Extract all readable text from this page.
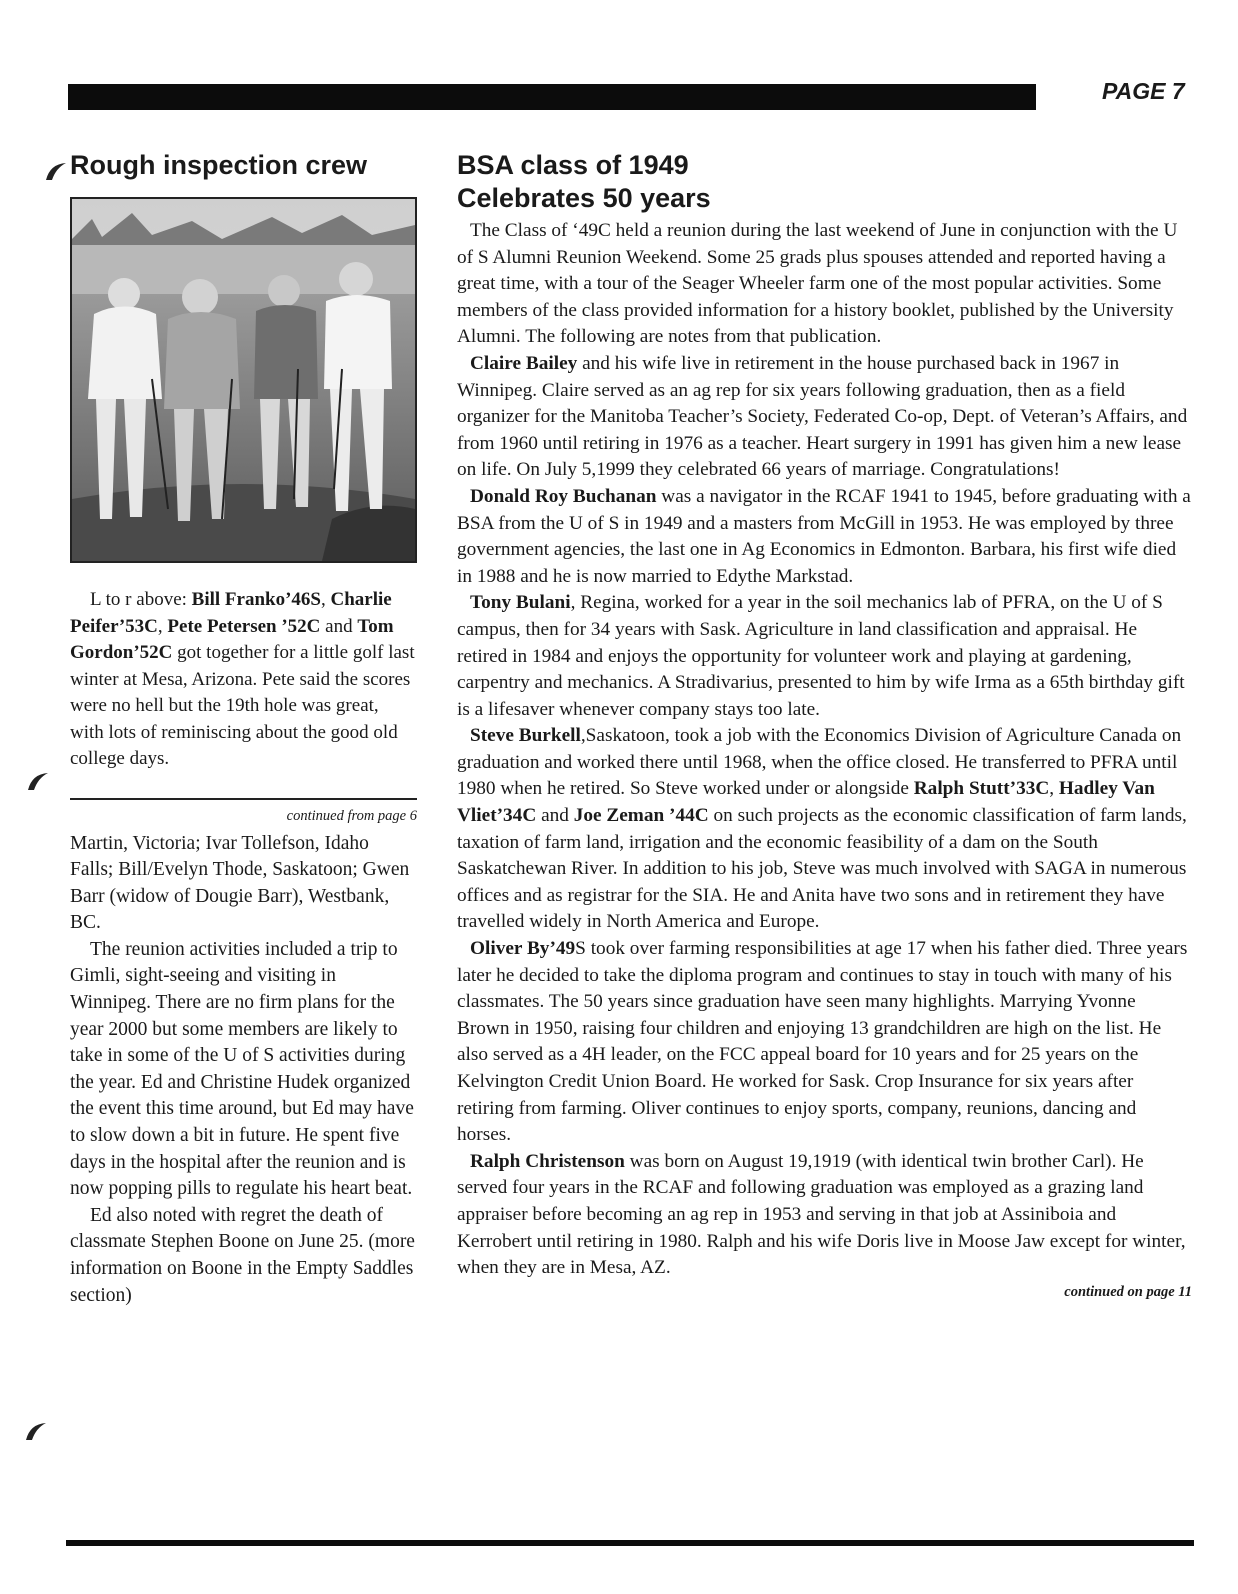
PAGE 7
Rough inspection crew
L to r above: Bill Franko’46S, Charlie Peifer’53C, Pete Petersen ’52C and Tom Gordon’52C got together for a little golf last winter at Mesa, Arizona. Pete said the scores were no hell but the 19th hole was great, with lots of reminiscing about the good old college days.
continued from page 6

Martin, Victoria; Ivar Tollefson, Idaho Falls; Bill/Evelyn Thode, Saskatoon; Gwen Barr (widow of Dougie Barr), Westbank, BC.

The reunion activities included a trip to Gimli, sight-seeing and visiting in Winnipeg. There are no firm plans for the year 2000 but some members are likely to take in some of the U of S activities during the year. Ed and Christine Hudek organized the event this time around, but Ed may have to slow down a bit in future. He spent five days in the hospital after the reunion and is now popping pills to regulate his heart beat.

Ed also noted with regret the death of classmate Stephen Boone on June 25. (more information on Boone in the Empty Saddles section)

BSA class of 1949
Celebrates 50 years

The Class of ‘49C held a reunion during the last weekend of June in conjunction with the U of S Alumni Reunion Weekend. Some 25 grads plus spouses attended and reported having a great time, with a tour of the Seager Wheeler farm one of the most popular activities. Some members of the class provided information for a history booklet, published by the University Alumni. The following are notes from that publication.

Claire Bailey and his wife live in retirement in the house purchased back in 1967 in Winnipeg. Claire served as an ag rep for six years following graduation, then as a field organizer for the Manitoba Teacher’s Society, Federated Co-op, Dept. of Veteran’s Affairs, and from 1960 until retiring in 1976 as a teacher. Heart surgery in 1991 has given him a new lease on life. On July 5,1999 they celebrated 66 years of marriage. Congratulations!

Donald Roy Buchanan was a navigator in the RCAF 1941 to 1945, before graduating with a BSA from the U of S in 1949 and a masters from McGill in 1953. He was employed by three government agencies, the last one in Ag Economics in Edmonton. Barbara, his first wife died in 1988 and he is now married to Edythe Markstad.

Tony Bulani, Regina, worked for a year in the soil mechanics lab of PFRA, on the U of S campus, then for 34 years with Sask. Agriculture in land classification and appraisal. He retired in 1984 and enjoys the opportunity for volunteer work and playing at gardening, carpentry and mechanics. A Stradivarius, presented to him by wife Irma as a 65th birthday gift is a lifesaver whenever company stays too late.

Steve Burkell,Saskatoon, took a job with the Economics Division of Agriculture Canada on graduation and worked there until 1968, when the office closed. He transferred to PFRA until 1980 when he retired. So Steve worked under or alongside Ralph Stutt’33C, Hadley Van Vliet’34C and Joe Zeman ’44C on such projects as the economic classification of farm lands, taxation of farm land, irrigation and the economic feasibility of a dam on the South Saskatchewan River. In addition to his job, Steve was much involved with SAGA in numerous offices and as registrar for the SIA. He and Anita have two sons and in retirement they have travelled widely in North America and Europe.

Oliver By’49S took over farming responsibilities at age 17 when his father died. Three years later he decided to take the diploma program and continues to stay in touch with many of his classmates. The 50 years since graduation have seen many highlights. Marrying Yvonne Brown in 1950, raising four children and enjoying 13 grandchildren are high on the list. He also served as a 4H leader, on the FCC appeal board for 10 years and for 25 years on the Kelvington Credit Union Board. He worked for Sask. Crop Insurance for six years after retiring from farming. Oliver continues to enjoy sports, company, reunions, dancing and horses.

Ralph Christenson was born on August 19,1919 (with identical twin brother Carl). He served four years in the RCAF and following graduation was employed as a grazing land appraiser before becoming an ag rep in 1953 and serving in that job at Assiniboia and Kerrobert until retiring in 1980. Ralph and his wife Doris live in Moose Jaw except for winter, when they are in Mesa, AZ.

continued on page 11
